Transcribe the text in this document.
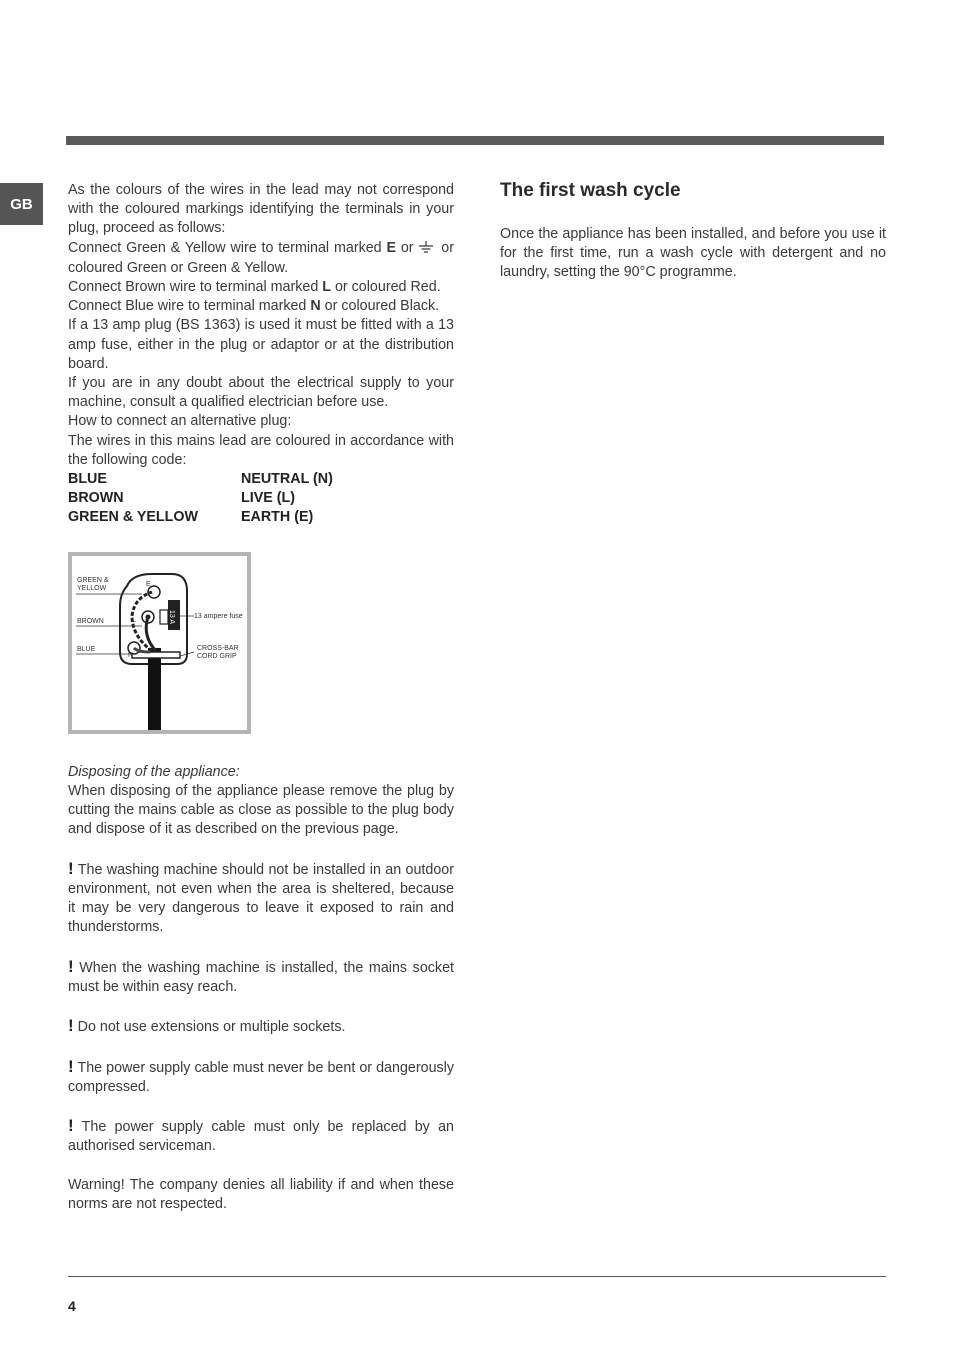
GB

As the colours of the wires in the lead may not correspond with the coloured markings identifying the terminals in your plug, proceed as follows:

Connect Green & Yellow wire to terminal marked E or  or coloured Green or Green & Yellow.

Connect Brown wire to terminal marked L or coloured Red.

Connect Blue wire to terminal marked N or coloured Black.

If a 13 amp plug (BS 1363) is used it must be fitted with a 13 amp fuse, either in the plug or adaptor or at the distribution board.

If you are in any doubt about the electrical supply to your machine, consult a qualified electrician before use.

How to connect an alternative plug:

The wires in this mains lead are coloured in accordance with the following code:

BLUE	NEUTRAL (N)
BROWN	LIVE (L)
GREEN & YELLOW	EARTH (E)
13 A
E
L
N
GREEN &
YELLOW
BROWN
BLUE
13 ampere fuse
CROSS-BAR
CORD GRIP

Disposing of the appliance:

When disposing of the appliance please remove the plug by cutting the mains cable as close as possible to the plug body and dispose of it as described on the previous page.

! The washing machine should not be installed in an outdoor environment, not even when the area is sheltered, because it may be very dangerous to leave it exposed to rain and thunderstorms.

! When the washing machine is installed, the mains socket must be within easy reach.

! Do not use extensions or multiple sockets.

! The power supply cable must never be bent or dangerously compressed.

! The power supply cable must only be replaced by an authorised serviceman.

Warning! The company denies all liability if and when these norms are not respected.

The first wash cycle

Once the appliance has been installed, and before you use it for the first time, run a wash cycle with detergent and no laundry, setting the 90°C programme.

4
